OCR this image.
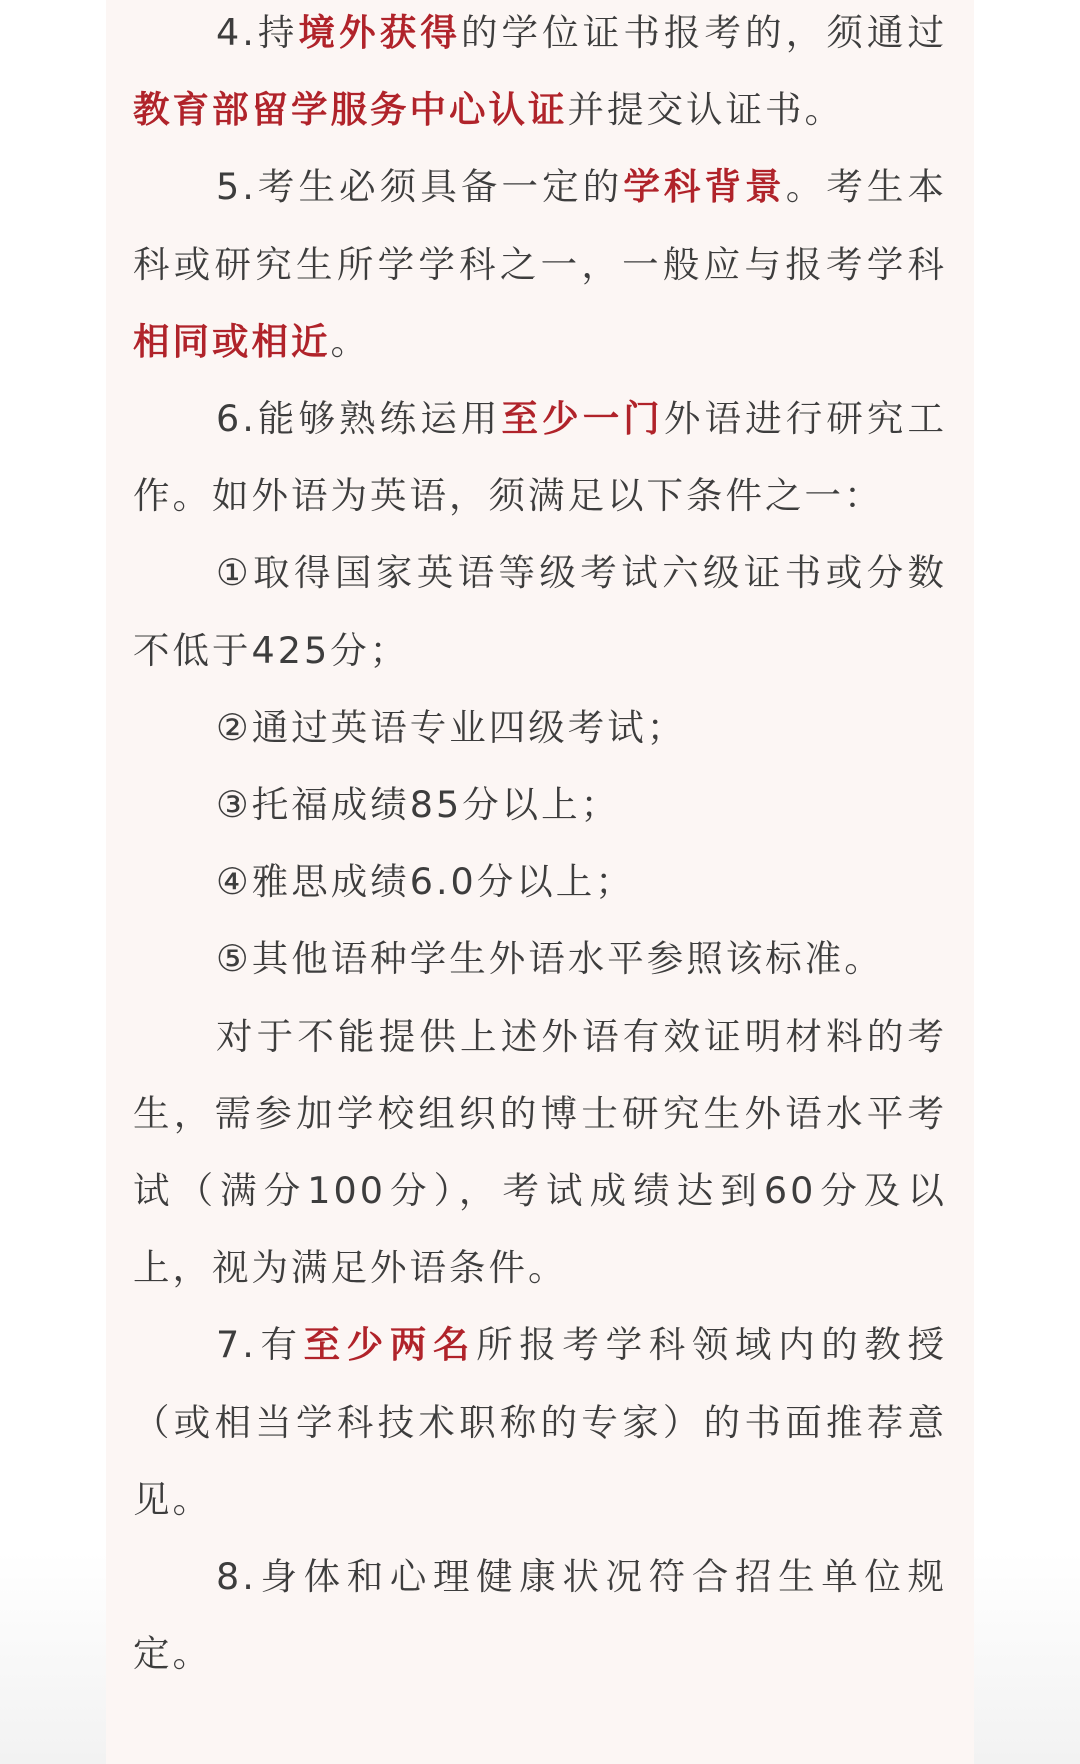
4.持境外获得的学位证书报考的，须通过教育部留学服务中心认证并提交认证书。
5.考生必须具备一定的学科背景。考生本科或研究生所学学科之一，一般应与报考学科相同或相近。
6.能够熟练运用至少一门外语进行研究工作。如外语为英语，须满足以下条件之一：
①取得国家英语等级考试六级证书或分数不低于425分；
②通过英语专业四级考试；
③托福成绩85分以上；
④雅思成绩6.0分以上；
⑤其他语种学生外语水平参照该标准。
对于不能提供上述外语有效证明材料的考生，需参加学校组织的博士研究生外语水平考试（满分100分），考试成绩达到60分及以上，视为满足外语条件。
7.有至少两名所报考学科领域内的教授（或相当学科技术职称的专家）的书面推荐意见。
8.身体和心理健康状况符合招生单位规定。
